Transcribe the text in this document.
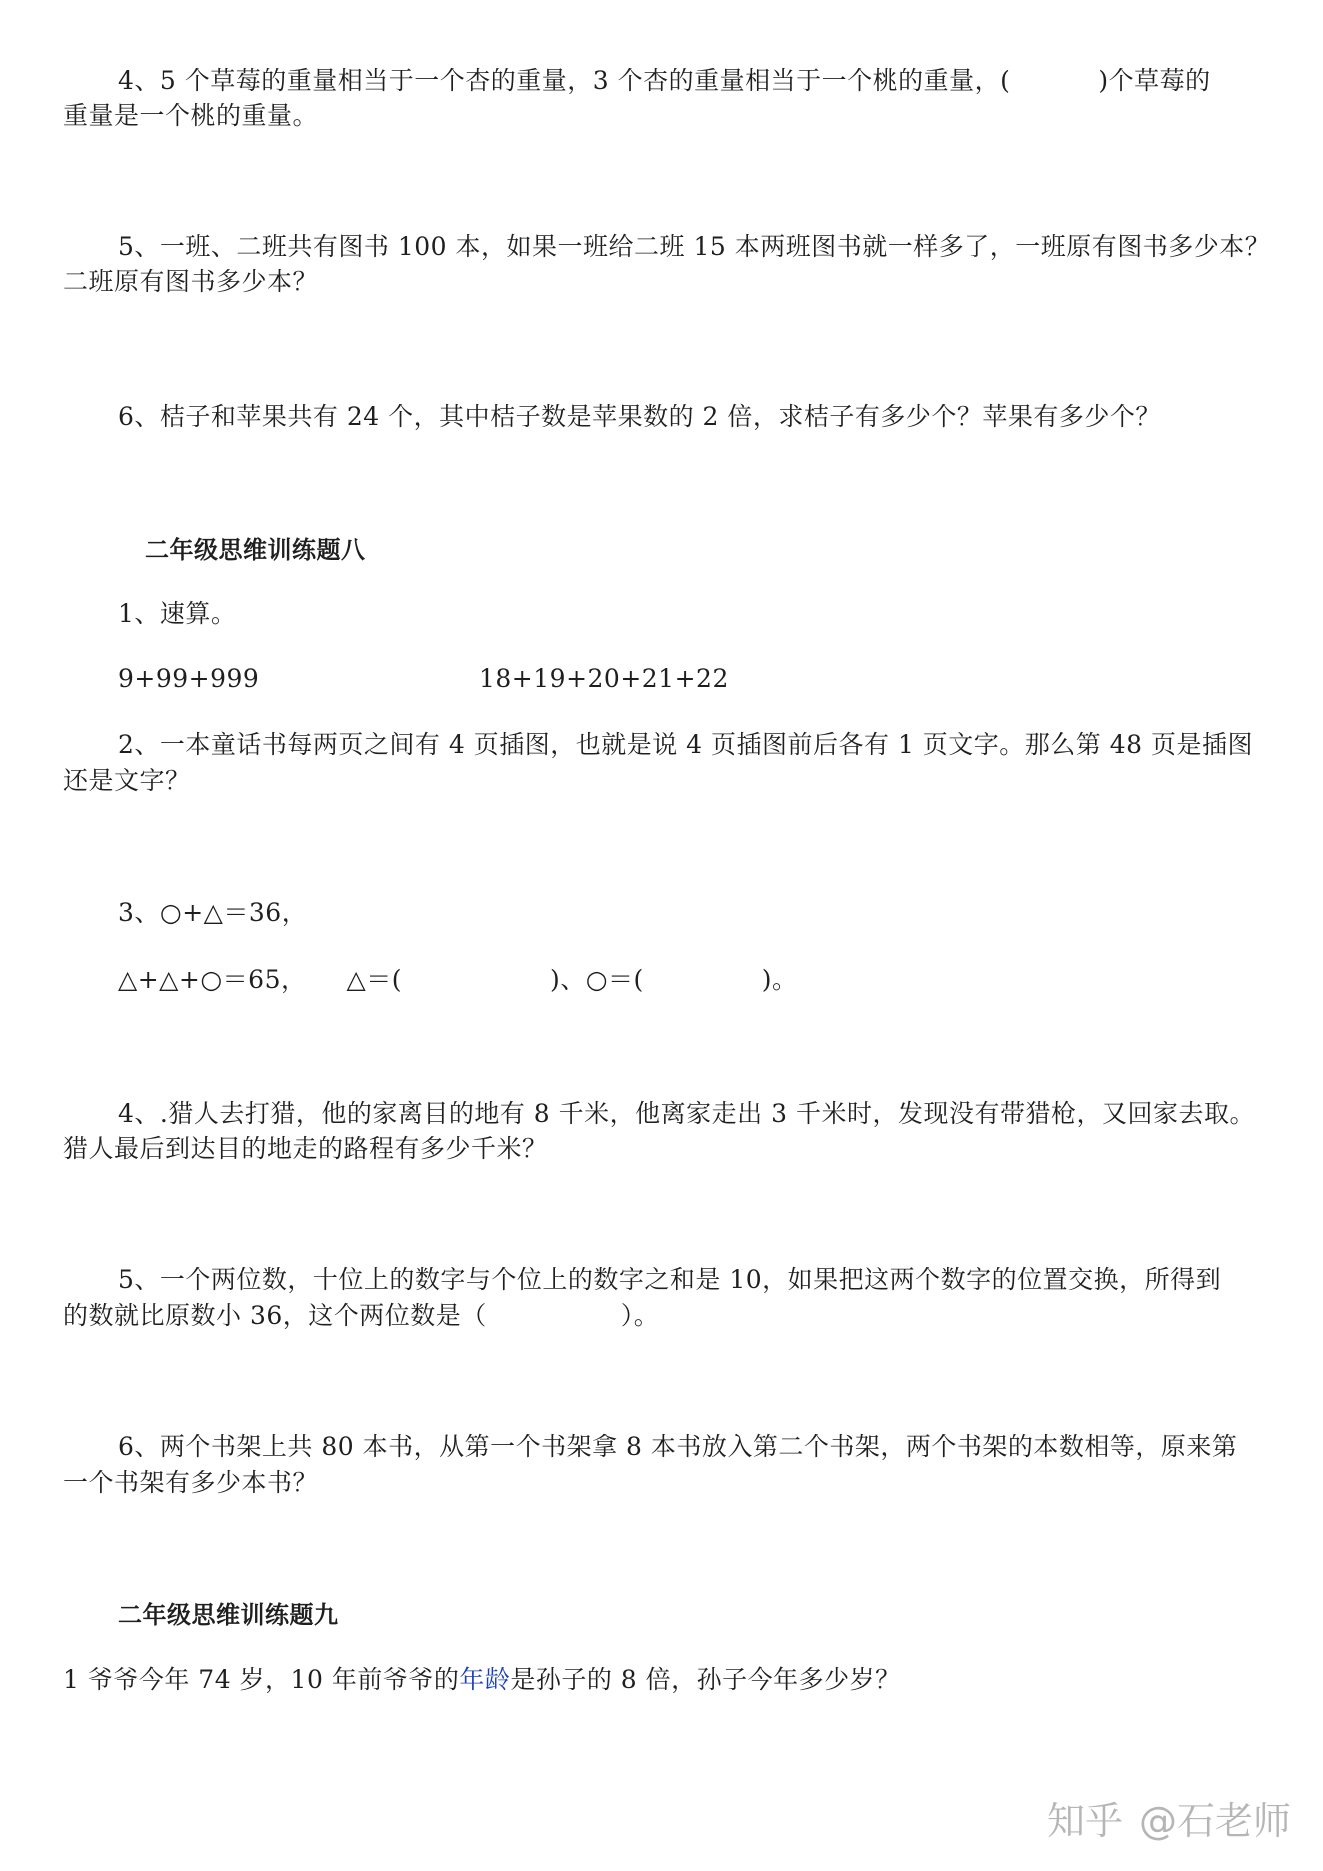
4、5 个草莓的重量相当于一个杏的重量，3 个杏的重量相当于一个桃的重量，(	)个草莓的
重量是一个桃的重量。
5、一班、二班共有图书 100 本，如果一班给二班 15 本两班图书就一样多了，一班原有图书多少本？
二班原有图书多少本？
6、桔子和苹果共有 24 个，其中桔子数是苹果数的 2 倍，求桔子有多少个？苹果有多少个？
二年级思维训练题八
1、速算。
9+99+999	18+19+20+21+22
2、一本童话书每两页之间有 4 页插图，也就是说 4 页插图前后各有 1 页文字。那么第 48 页是插图
还是文字？
3、○+△＝36，
△+△+○＝65， △＝(	)、○＝(	)。
4、.猎人去打猎，他的家离目的地有 8 千米，他离家走出 3 千米时，发现没有带猎枪，又回家去取。
猎人最后到达目的地走的路程有多少千米？
5、一个两位数，十位上的数字与个位上的数字之和是 10，如果把这两个数字的位置交换，所得到
的数就比原数小 36，这个两位数是（	）。
6、两个书架上共 80 本书，从第一个书架拿 8 本书放入第二个书架，两个书架的本数相等，原来第
一个书架有多少本书？
二年级思维训练题九
1 爷爷今年 74 岁，10 年前爷爷的年龄是孙子的 8 倍，孙子今年多少岁？
知乎 @石老师
